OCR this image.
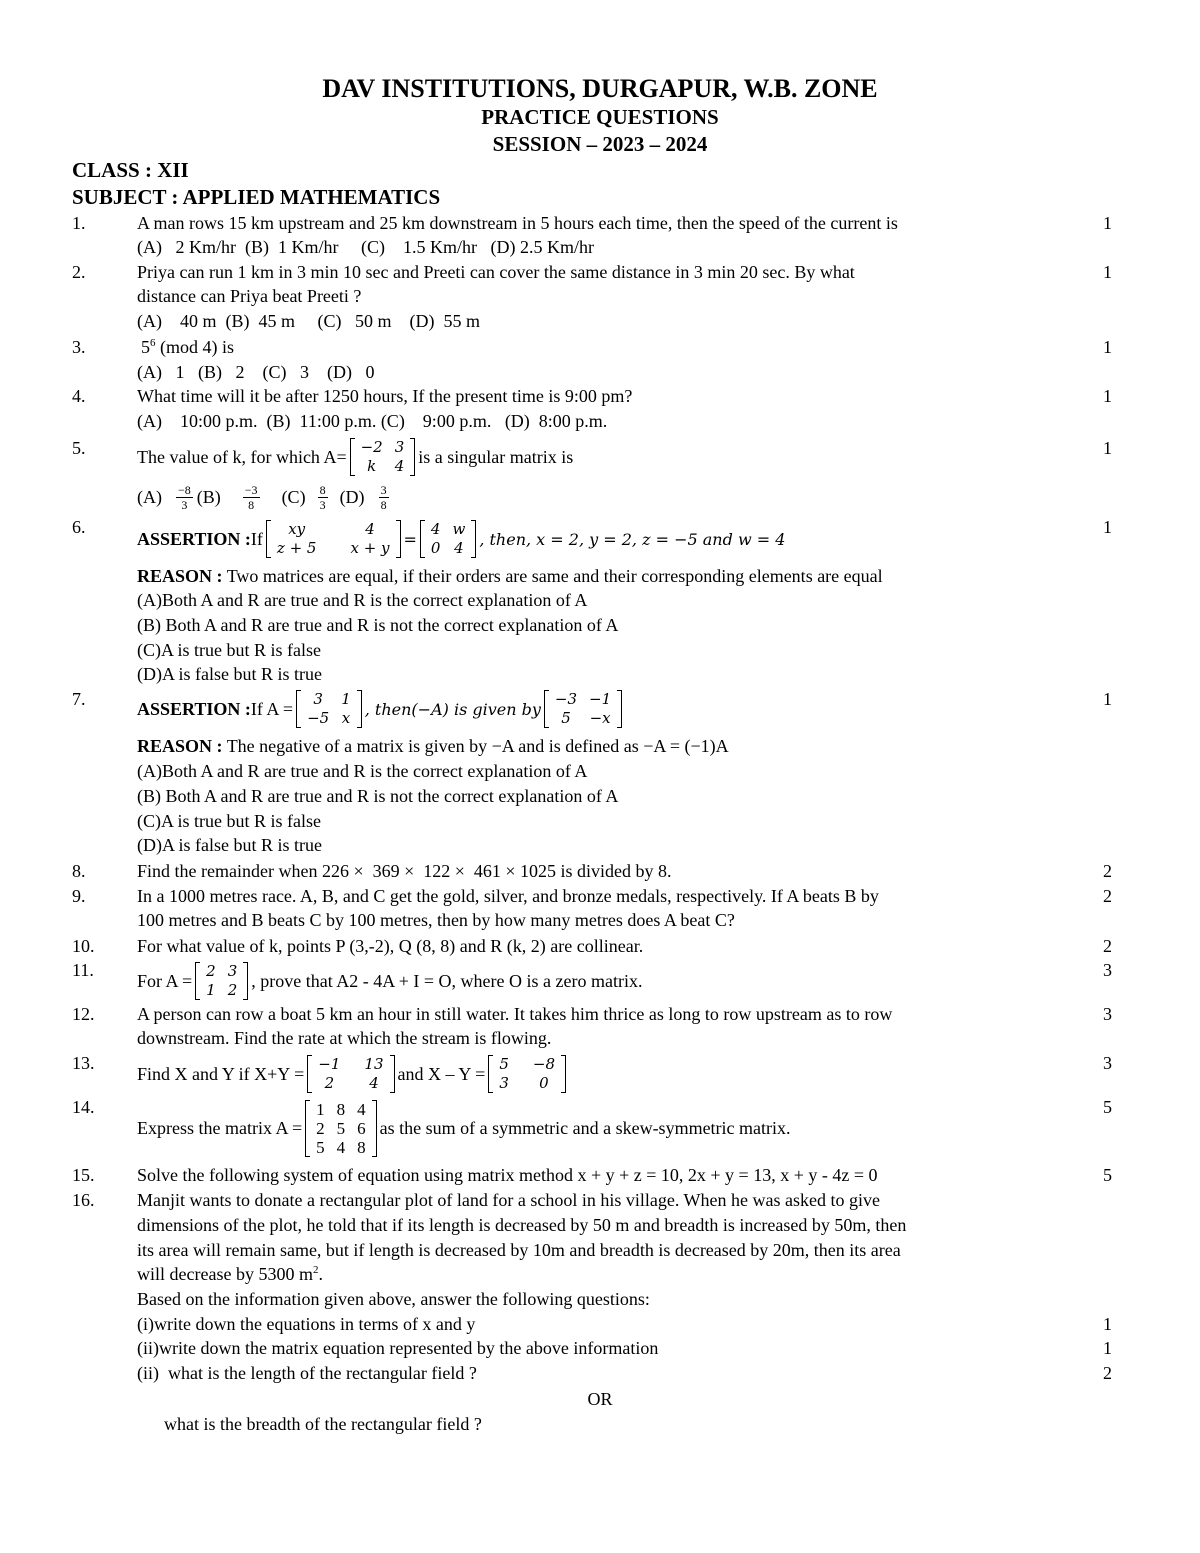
DAV INSTITUTIONS, DURGAPUR, W.B. ZONE
PRACTICE QUESTIONS
SESSION – 2023 – 2024
CLASS : XII
SUBJECT : APPLIED MATHEMATICS
1.	A man rows 15 km upstream and 25 km downstream in 5 hours each time, then the speed of the current is	1
(A)   2 Km/hr  (B)  1 Km/hr     (C)    1.5 Km/hr   (D) 2.5 Km/hr
2.	Priya can run 1 km in 3 min 10 sec and Preeti can cover the same distance in 3 min 20 sec. By what	1
distance can Priya beat Preeti ?
(A)    40 m  (B)  45 m     (C)   50 m    (D)  55 m
3.	$5^6$ (mod 4) is	1
(A)   1   (B)   2    (C)   3    (D)   0
4.	What time will it be after 1250 hours, If the present time is 9:00 pm?	1
(A)    10:00 p.m.  (B)  11:00 p.m. (C)    9:00 p.m.   (D)  8:00 p.m.
5.	1
The value of k, for which A= −2	3
k	4 is a singular matrix is
$(A) \frac{-8}{3} (B) \frac{-3}{8} (C) \frac{8}{3} (D) \frac{3}{8}$
6.	1
ASSERTION : If xy	4
z + 5	x + y =
4	w
0	4 , then, x = 2, y = 2, z = −5 and w = 4
REASON : Two matrices are equal, if their orders are same and their corresponding elements are equal
(A)Both A and R are true and R is the correct explanation of A
(B) Both A and R are true and R is not the correct explanation of A
(C)A is true but R is false
(D)A is false but R is true
7.	1
ASSERTION : If A = 3	1
−5	x , then(−A) is given by
−3	−1
5	−x
REASON : The negative of a matrix is given by −A and is defined as −A = (−1)A
(A)Both A and R are true and R is the correct explanation of A
(B) Both A and R are true and R is not the correct explanation of A
(C)A is true but R is false
(D)A is false but R is true
8.	Find the remainder when 226 ×  369 ×  122 ×  461 × 1025 is divided by 8.	2
9.	In a 1000 metres race. A, B, and C get the gold, silver, and bronze medals, respectively. If A beats B by	2
100 metres and B beats C by 100 metres, then by how many metres does A beat C?
10. For what value of k, points P (3,-2), Q (8, 8) and R (k, 2) are collinear.	2
11.	3
For A = 2	3
1	2 , prove that A2 - 4A + I = O, where O is a zero matrix.
12. A person can row a boat 5 km an hour in still water. It takes him thrice as long to row upstream as to row	3
downstream. Find the rate at which the stream is flowing.
13.	3
Find X and Y if X+Y = −1	13
2	4 and X – Y = 5	−8
3	0
14.	5
Express the matrix A =
1	8	4
2	5	6
5	4	8
as the sum of a symmetric and a skew-symmetric matrix.
15. Solve the following system of equation using matrix method x + y + z = 10, 2x + y = 13, x + y - 4z = 0	5
16. Manjit wants to donate a rectangular plot of land for a school in his village. When he was asked to give
dimensions of the plot, he told that if its length is decreased by 50 m and breadth is increased by 50m, then
its area will remain same, but if length is decreased by 10m and breadth is decreased by 20m, then its area
will decrease by 5300 $m^2$.
Based on the information given above, answer the following questions:
(i)write down the equations in terms of x and y	1
(ii)write down the matrix equation represented by the above information	1
(ii)  what is the length of the rectangular field ?	2
OR
what is the breadth of the rectangular field ?
